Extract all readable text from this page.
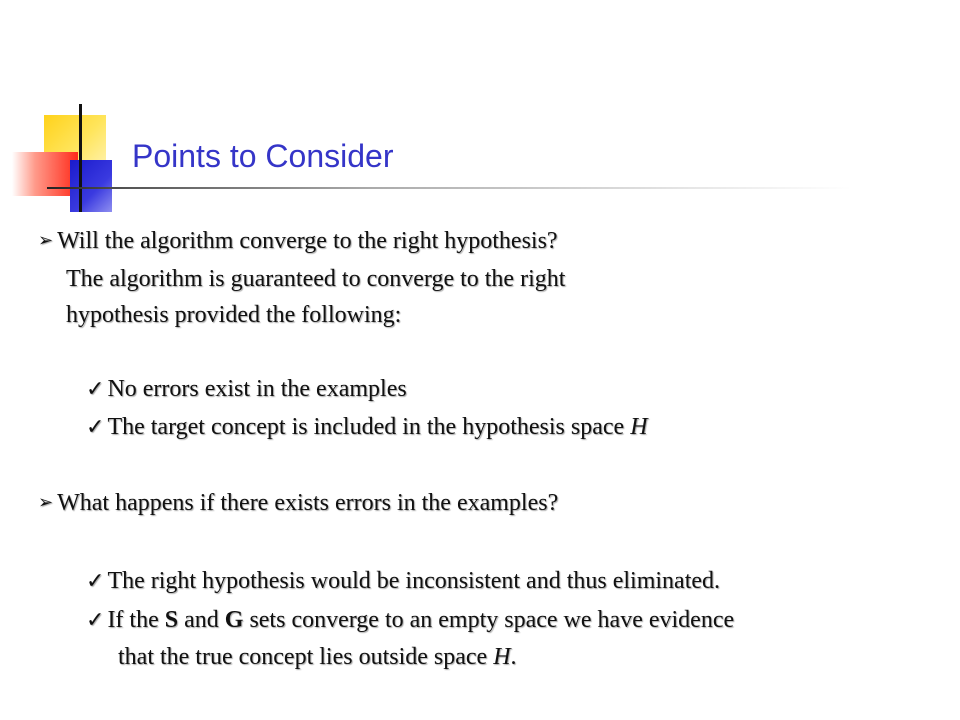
Points to Consider
➢ Will the algorithm converge to the right hypothesis?
The algorithm is guaranteed to converge to the right
hypothesis provided the following:
✓ No errors exist in the examples
✓ The target concept is included in the hypothesis space H
➢ What happens if there exists errors in the examples?
✓ The right hypothesis would be inconsistent and thus eliminated.
✓ If the S and G sets converge to an empty space we have evidence
that the true concept lies outside space H.
